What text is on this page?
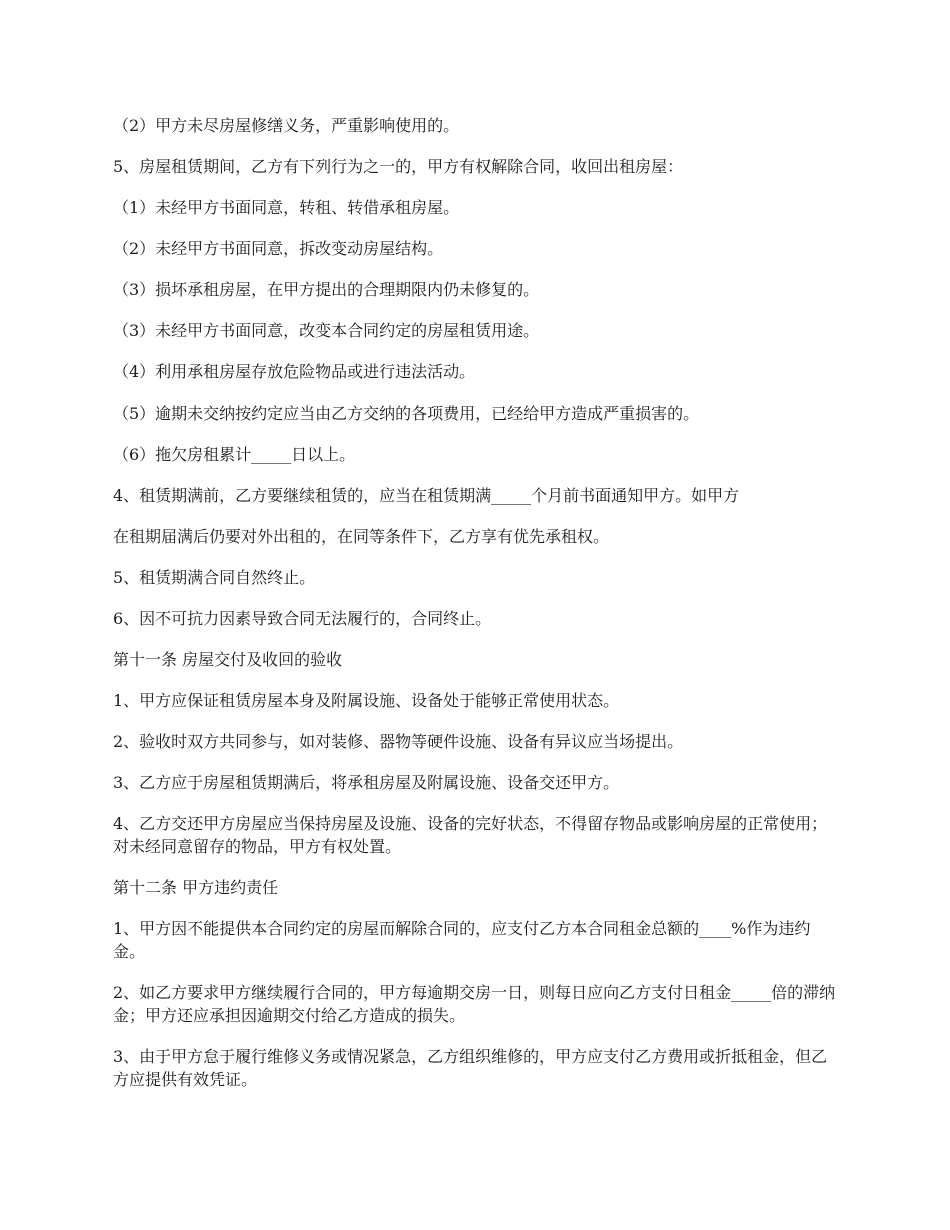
（2）甲方未尽房屋修缮义务，严重影响使用的。

5、房屋租赁期间，乙方有下列行为之一的，甲方有权解除合同，收回出租房屋：

（1）未经甲方书面同意，转租、转借承租房屋。

（2）未经甲方书面同意，拆改变动房屋结构。

（3）损坏承租房屋，在甲方提出的合理期限内仍未修复的。

（3）未经甲方书面同意，改变本合同约定的房屋租赁用途。

（4）利用承租房屋存放危险物品或进行违法活动。

（5）逾期未交纳按约定应当由乙方交纳的各项费用，已经给甲方造成严重损害的。

（6）拖欠房租累计_____日以上。

4、租赁期满前，乙方要继续租赁的，应当在租赁期满_____个月前书面通知甲方。如甲方

在租期届满后仍要对外出租的，在同等条件下，乙方享有优先承租权。

5、租赁期满合同自然终止。

6、因不可抗力因素导致合同无法履行的，合同终止。

第十一条 房屋交付及收回的验收

1、甲方应保证租赁房屋本身及附属设施、设备处于能够正常使用状态。

2、验收时双方共同参与，如对装修、器物等硬件设施、设备有异议应当场提出。

3、乙方应于房屋租赁期满后，将承租房屋及附属设施、设备交还甲方。

4、乙方交还甲方房屋应当保持房屋及设施、设备的完好状态，不得留存物品或影响房屋的正常使用；对未经同意留存的物品，甲方有权处置。

第十二条 甲方违约责任

1、甲方因不能提供本合同约定的房屋而解除合同的，应支付乙方本合同租金总额的____%作为违约金。

2、如乙方要求甲方继续履行合同的，甲方每逾期交房一日，则每日应向乙方支付日租金_____倍的滞纳金；甲方还应承担因逾期交付给乙方造成的损失。

3、由于甲方怠于履行维修义务或情况紧急，乙方组织维修的，甲方应支付乙方费用或折抵租金，但乙方应提供有效凭证。
